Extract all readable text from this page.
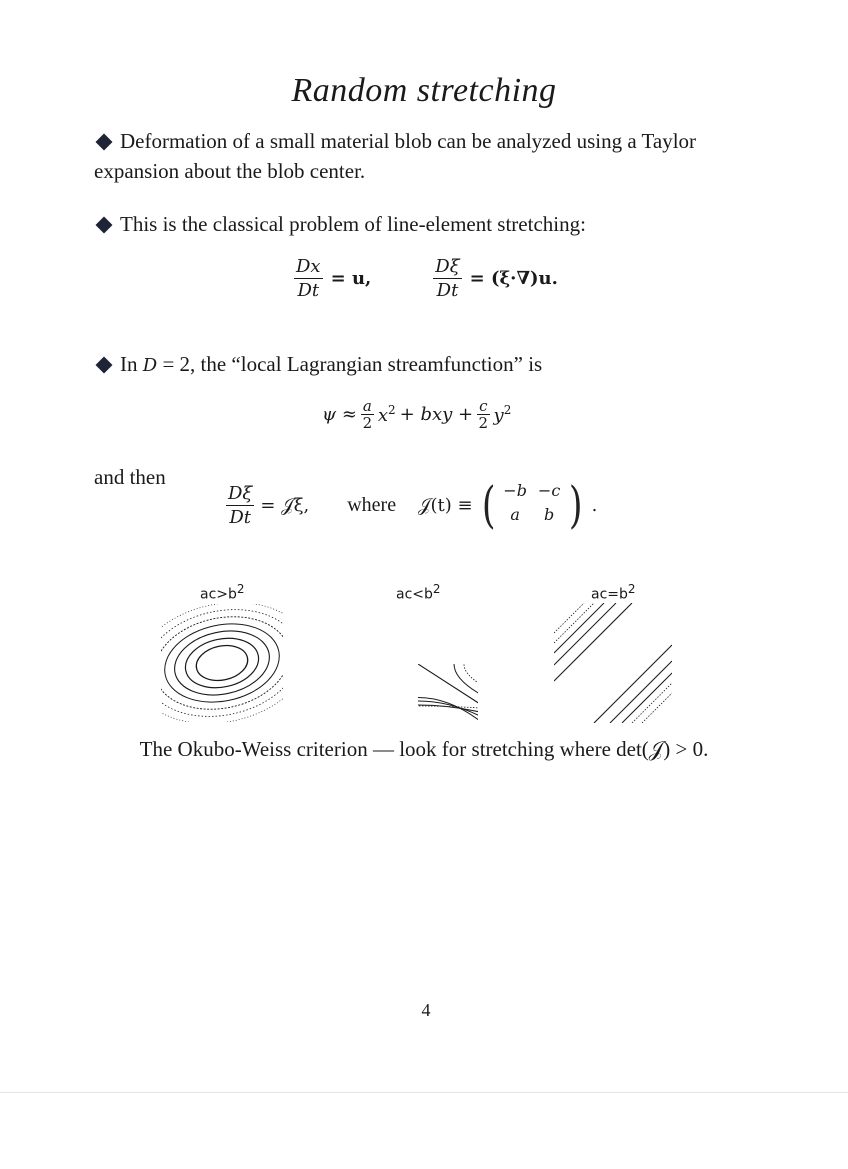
Random stretching
Deformation of a small material blob can be analyzed using a Taylor expansion about the blob center.
This is the classical problem of line-element stretching:
$\frac{Dx}{Dt} = u$,	$\frac{D\xi}{Dt} = (\xi\cdot\nabla)u$.
In D = 2, the “local Lagrangian streamfunction” is
$\psi \approx \frac{a}{2} x^2$ + bxy + $\frac{c}{2} y^2$
and then
$\frac{D\xi}{Dt}$ = 𝒥ξ, where 𝒥(t) ≡ ( −b −c
a	b ) .
$ac>b^2$	$ac<b^2$	$ac=b^2$
The Okubo-Weiss criterion — look for stretching where det(𝒥) > 0.
4
